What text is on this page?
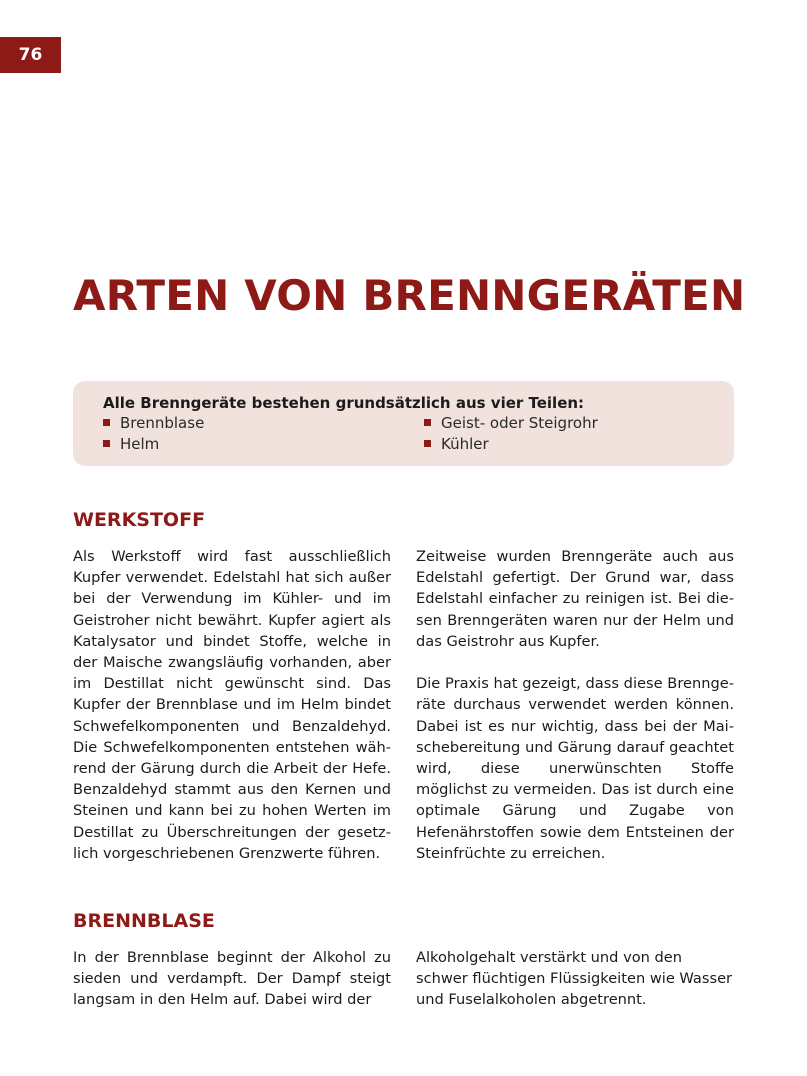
76
ARTEN VON BRENNGERÄTEN
Alle Brenngeräte bestehen grundsätzlich aus vier Teilen:
Brennblase
Helm
Geist- oder Steigrohr
Kühler
WERKSTOFF

Als Werkstoff wird fast ausschließlich Kupfer verwendet. Edelstahl hat sich außer bei der Verwendung im Kühler- und im Geistroher nicht bewährt. Kupfer agiert als Katalysator und bindet Stoffe, welche in der Maische zwangsläufig vorhanden, aber im Destillat nicht gewünscht sind. Das Kupfer der Brennblase und im Helm bindet Schwefelkomponenten und Benzaldehyd. Die Schwefelkomponenten entstehen während der Gärung durch die Arbeit der Hefe. Benzaldehyd stammt aus den Kernen und Steinen und kann bei zu hohen Werten im Destillat zu Überschreitungen der gesetzlich vorgeschriebenen Grenzwerte führen.

Zeitweise wurden Brenngeräte auch aus Edelstahl gefertigt. Der Grund war, dass Edelstahl einfacher zu reinigen ist. Bei diesen Brenngeräten waren nur der Helm und das Geistrohr aus Kupfer.

Die Praxis hat gezeigt, dass diese Brenngeräte durchaus verwendet werden können. Dabei ist es nur wichtig, dass bei der Maischebereitung und Gärung darauf geachtet wird, diese unerwünschten Stoffe möglichst zu vermeiden. Das ist durch eine optimale Gärung und Zugabe von Hefenährstoffen sowie dem Entsteinen der Steinfrüchte zu erreichen.

BRENNBLASE

In der Brennblase beginnt der Alkohol zu sieden und verdampft. Der Dampf steigt langsam in den Helm auf. Dabei wird der

Alkoholgehalt verstärkt und von den schwer flüchtigen Flüssigkeiten wie Wasser und Fuselalkoholen abgetrennt.
